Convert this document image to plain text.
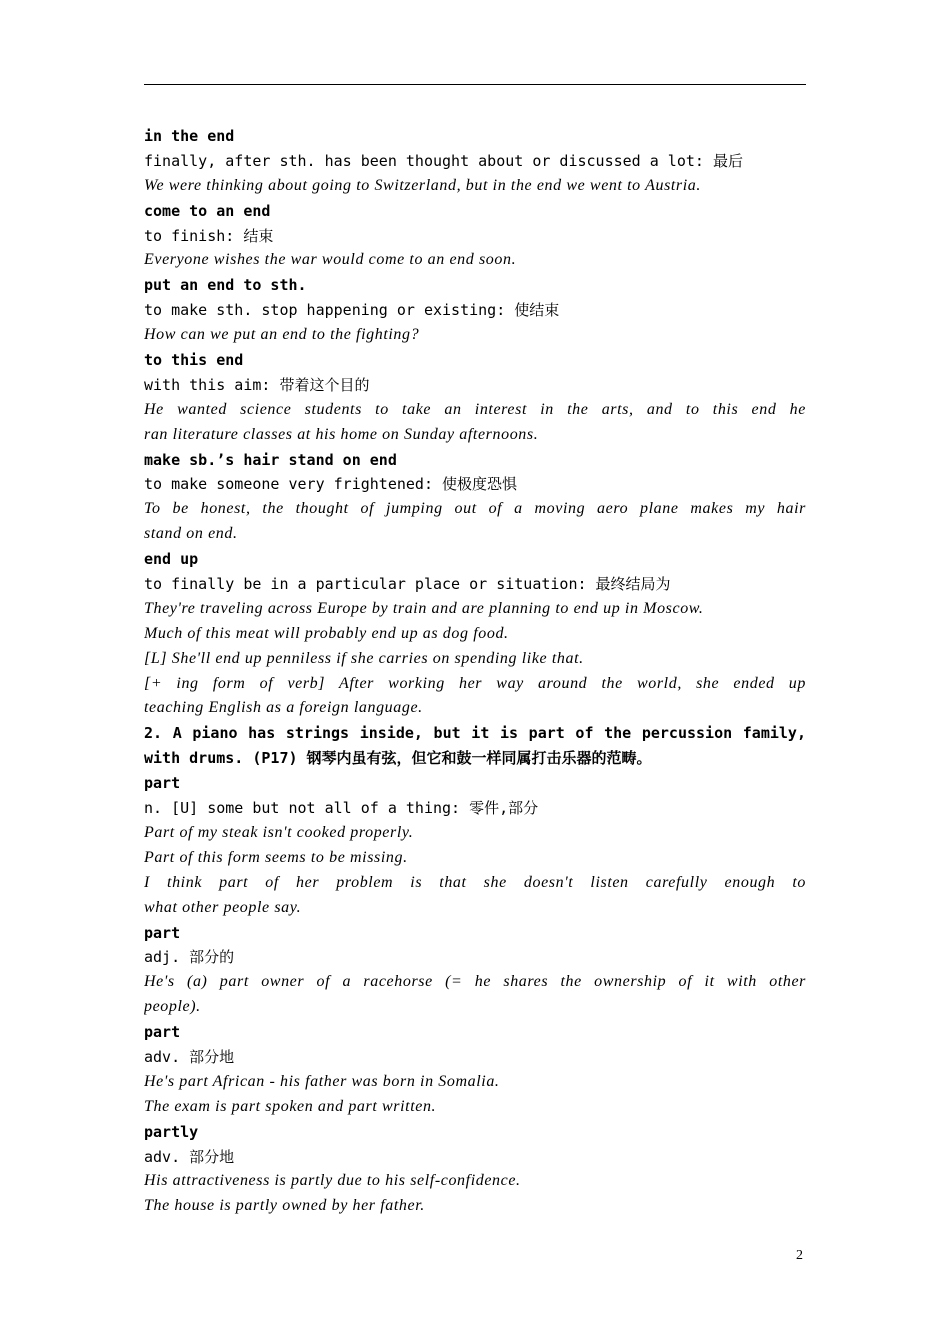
in the end
finally, after sth. has been thought about or discussed a lot: 最后
We were thinking about going to Switzerland, but in the end we went to Austria.
come to an end
to finish: 结束
Everyone wishes the war would come to an end soon.
put an end to sth.
to make sth. stop happening or existing: 使结束
How can we put an end to the fighting?
to this end
with this aim: 带着这个目的
He wanted science students to take an interest in the arts, and to this end he
ran literature classes at his home on Sunday afternoons.
make sb.’s hair stand on end
to make someone very frightened: 使极度恐惧
To be honest, the thought of jumping out of a moving aero plane makes my hair
stand on end.
end up
to finally be in a particular place or situation: 最终结局为
They're traveling across Europe by train and are planning to end up in Moscow.
Much of this meat will probably end up as dog food.
[L] She'll end up penniless if she carries on spending like that.
[+ ing form of verb] After working her way around the world, she ended up
teaching English as a foreign language.
2. A piano has strings inside, but it is part of the percussion family,
with drums. (P17) 钢琴内虽有弦，但它和鼓一样同属打击乐器的范畴。
part
n. [U] some but not all of a thing: 零件,部分
Part of my steak isn't cooked properly.
Part of this form seems to be missing.
I think part of her problem is that she doesn't listen carefully enough to
what other people say.
part
adj. 部分的
He's (a) part owner of a racehorse (= he shares the ownership of it with other
people).
part
adv. 部分地
He's part African - his father was born in Somalia.
The exam is part spoken and part written.
partly
adv. 部分地
His attractiveness is partly due to his self-confidence.
The house is partly owned by her father.
2
